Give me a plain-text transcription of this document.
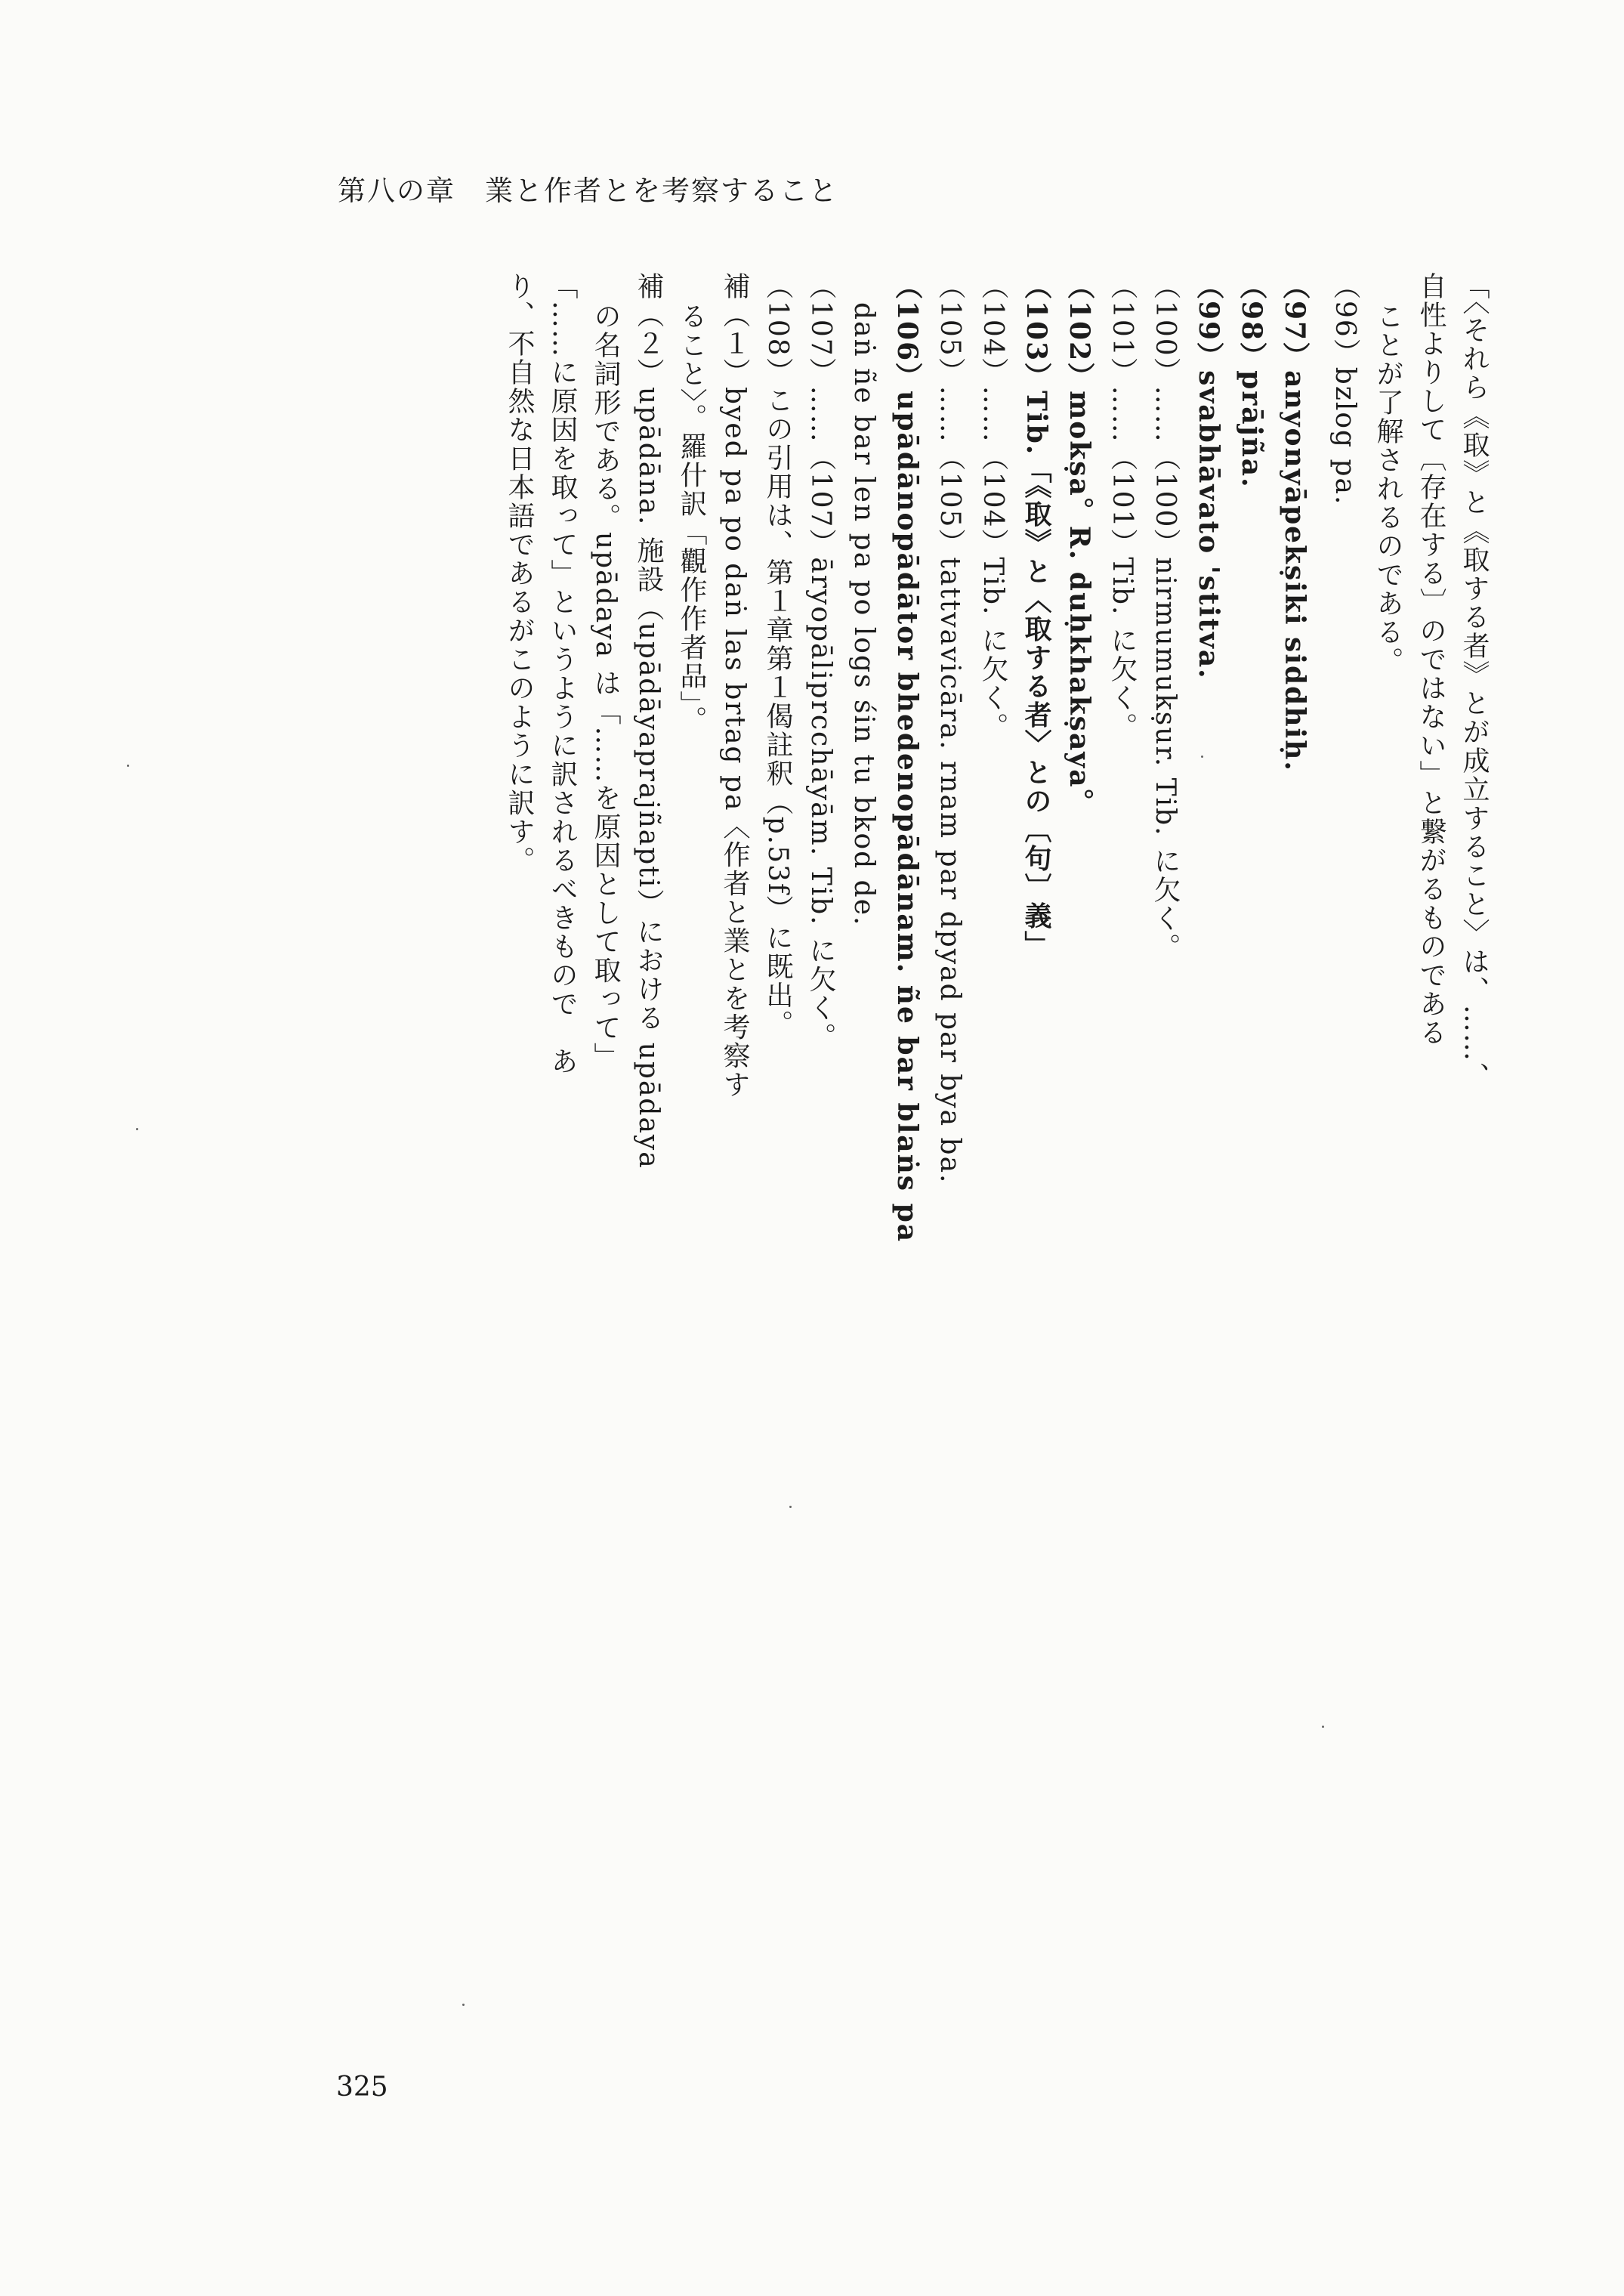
第八の章　業と作者とを考察すること
「〈それら《取》と《取する者》とが成立すること〉は、……、
自性よりして〔存在する〕のではない」と繋がるものである
ことが了解されるのである。
（96）bzlog pa.
（97）anyonyāpekṣiki siddhiḥ.
（98）prājña.
（99）svabhāvato 'stitva.
（100）……（100）nirmumukṣur. Tib. に欠く。
（101）……（101）Tib. に欠く。
（102）mokṣa。R. duḥkhakṣaya。
（103）Tib.「《取》と〈取する者〉との〔句〕義」
（104）……（104）Tib. に欠く。
（105）……（105）tattvavicāra. rnam par dpyad par bya ba.
（106）upādānopādātor bhedenopādānam. ñe bar blaṅs pa
daṅ ñe bar len pa po logs śin tu bkod de.
（107）……（107）āryopāliprcchāyām. Tib. に欠く。
（108）この引用は、第１章第１偈註釈（p.53f）に既出。
補（１）byed pa po daṅ las brtag pa〈作者と業とを考察す
ること〉。羅什訳「觀作作者品」。
補（２）upādāna. 施設（upādāyaprajñapti）における upādaya
の名詞形である。upādaya は「……を原因として取って」
「……に原因を取って」というように訳されるべきもので　あ
り、不自然な日本語であるがこのように訳す。
325
